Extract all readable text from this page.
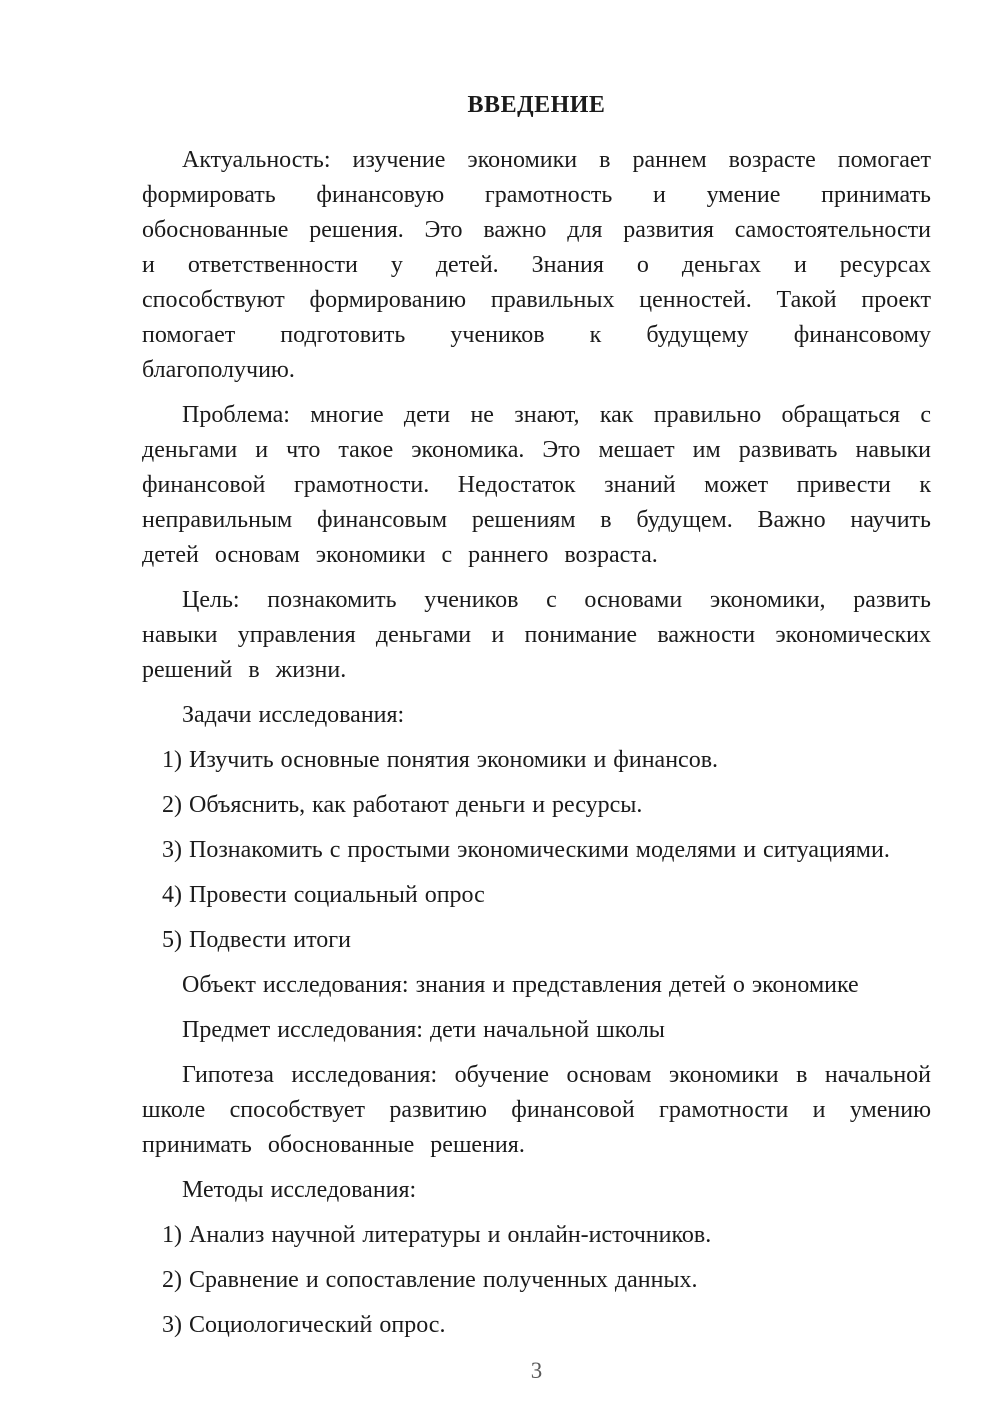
ВВЕДЕНИЕ

Актуальность: изучение экономики в раннем возрасте помогает формировать финансовую грамотность и умение принимать обоснованные решения. Это важно для развития самостоятельности и ответственности у детей. Знания о деньгах и ресурсах способствуют формированию правильных ценностей. Такой проект помогает подготовить учеников к будущему финансовому благополучию.

Проблема: многие дети не знают, как правильно обращаться с деньгами и что такое экономика. Это мешает им развивать навыки финансовой грамотности. Недостаток знаний может привести к неправильным финансовым решениям в будущем. Важно научить детей основам экономики с раннего возраста.

Цель: познакомить учеников с основами экономики, развить навыки управления деньгами и понимание важности экономических решений в жизни.

Задачи исследования:

1) Изучить основные понятия экономики и финансов.

2) Объяснить, как работают деньги и ресурсы.

3) Познакомить с простыми экономическими моделями и ситуациями.

4) Провести социальный опрос

5) Подвести итоги

Объект исследования: знания и представления детей о экономике

Предмет исследования: дети начальной школы

Гипотеза исследования: обучение основам экономики в начальной школе способствует развитию финансовой грамотности и умению принимать обоснованные решения.

Методы исследования:

1) Анализ научной литературы и онлайн-источников.

2) Сравнение и сопоставление полученных данных.

3) Социологический опрос.

3
